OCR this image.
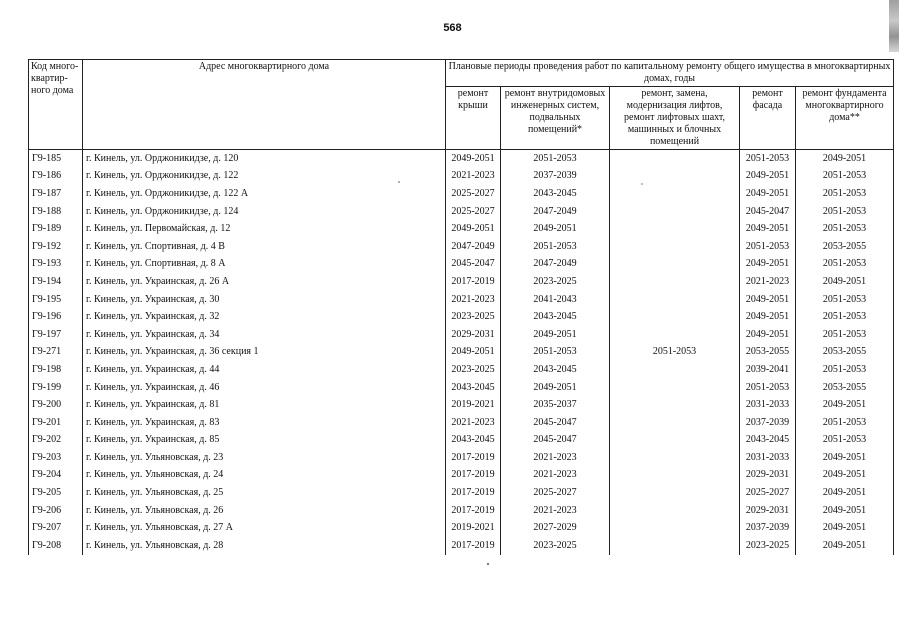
568
Код много-квартир-ного дома	Адрес многоквартирного дома	Плановые периоды проведения работ по капитальному ремонту общего имущества в многоквартирных домах, годы				
		ремонт крыши	ремонт внутридомовых инженерных систем, подвальных помещений*	ремонт, замена, модернизация лифтов, ремонт лифтовых шахт, машинных и блочных помещений	ремонт фасада	ремонт фундамента многоквартирного дома**
Г9-185	г. Кинель, ул. Орджоникидзе, д. 120	2049-2051	2051-2053		2051-2053	2049-2051
Г9-186	г. Кинель, ул. Орджоникидзе, д. 122	2021-2023	2037-2039		2049-2051	2051-2053
Г9-187	г. Кинель, ул. Орджоникидзе, д. 122 А	2025-2027	2043-2045		2049-2051	2051-2053
Г9-188	г. Кинель, ул. Орджоникидзе, д. 124	2025-2027	2047-2049		2045-2047	2051-2053
Г9-189	г. Кинель, ул. Первомайская, д. 12	2049-2051	2049-2051		2049-2051	2051-2053
Г9-192	г. Кинель, ул. Спортивная, д. 4 В	2047-2049	2051-2053		2051-2053	2053-2055
Г9-193	г. Кинель, ул. Спортивная, д. 8 А	2045-2047	2047-2049		2049-2051	2051-2053
Г9-194	г. Кинель, ул. Украинская, д. 26 А	2017-2019	2023-2025		2021-2023	2049-2051
Г9-195	г. Кинель, ул. Украинская, д. 30	2021-2023	2041-2043		2049-2051	2051-2053
Г9-196	г. Кинель, ул. Украинская, д. 32	2023-2025	2043-2045		2049-2051	2051-2053
Г9-197	г. Кинель, ул. Украинская, д. 34	2029-2031	2049-2051		2049-2051	2051-2053
Г9-271	г. Кинель, ул. Украинская, д. 36 секция 1	2049-2051	2051-2053	2051-2053	2053-2055	2053-2055
Г9-198	г. Кинель, ул. Украинская, д. 44	2023-2025	2043-2045		2039-2041	2051-2053
Г9-199	г. Кинель, ул. Украинская, д. 46	2043-2045	2049-2051		2051-2053	2053-2055
Г9-200	г. Кинель, ул. Украинская, д. 81	2019-2021	2035-2037		2031-2033	2049-2051
Г9-201	г. Кинель, ул. Украинская, д. 83	2021-2023	2045-2047		2037-2039	2051-2053
Г9-202	г. Кинель, ул. Украинская, д. 85	2043-2045	2045-2047		2043-2045	2051-2053
Г9-203	г. Кинель, ул. Ульяновская, д. 23	2017-2019	2021-2023		2031-2033	2049-2051
Г9-204	г. Кинель, ул. Ульяновская, д. 24	2017-2019	2021-2023		2029-2031	2049-2051
Г9-205	г. Кинель, ул. Ульяновская, д. 25	2017-2019	2025-2027		2025-2027	2049-2051
Г9-206	г. Кинель, ул. Ульяновская, д. 26	2017-2019	2021-2023		2029-2031	2049-2051
Г9-207	г. Кинель, ул. Ульяновская, д. 27 А	2019-2021	2027-2029		2037-2039	2049-2051
Г9-208	г. Кинель, ул. Ульяновская, д. 28	2017-2019	2023-2025		2023-2025	2049-2051
